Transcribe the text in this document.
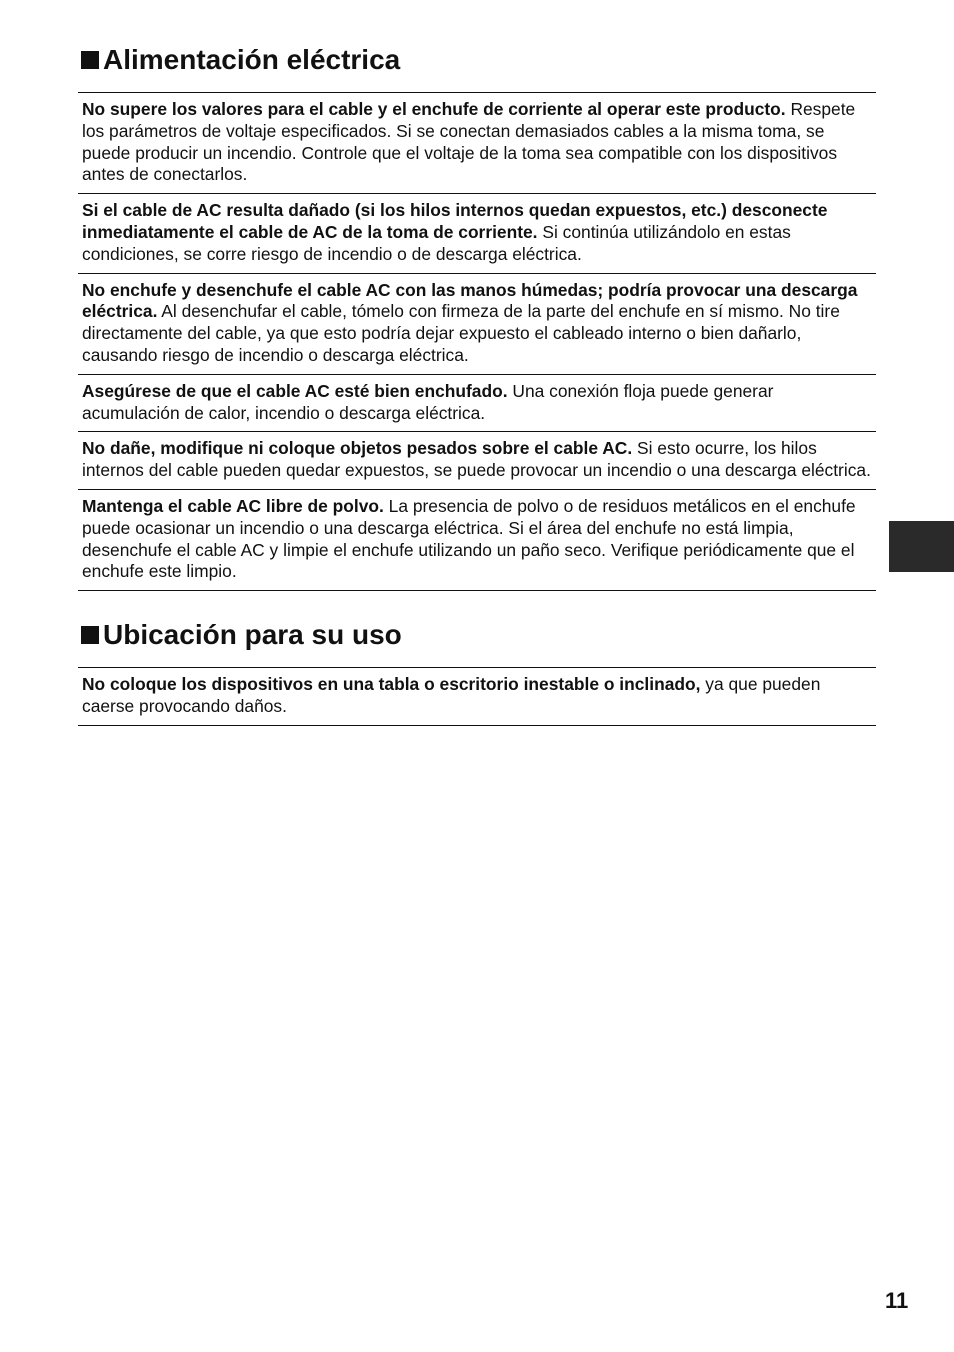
Alimentación eléctrica
No supere los valores para el cable y el enchufe de corriente al operar este producto. Respete los parámetros de voltaje especificados. Si se conectan demasiados cables a la misma toma, se puede producir un incendio. Controle que el voltaje de la toma sea compatible con los dispositivos antes de conectarlos.
Si el cable de AC resulta dañado (si los hilos internos quedan expuestos, etc.) desconecte inmediatamente el cable de AC de la toma de corriente. Si continúa utilizándolo en estas condiciones, se corre riesgo de incendio o de descarga eléctrica.
No enchufe y desenchufe el cable AC con las manos húmedas; podría provocar una descarga eléctrica. Al desenchufar el cable, tómelo con firmeza de la parte del enchufe en sí mismo. No tire directamente del cable, ya que esto podría dejar expuesto el cableado interno o bien dañarlo, causando riesgo de incendio o descarga eléctrica.
Asegúrese de que el cable AC esté bien enchufado. Una conexión floja puede generar acumulación de calor, incendio o descarga eléctrica.
No dañe, modifique ni coloque objetos pesados sobre el cable AC. Si esto ocurre, los hilos internos del cable pueden quedar expuestos, se puede provocar un incendio o una descarga eléctrica.
Mantenga el cable AC libre de polvo. La presencia de polvo o de residuos metálicos en el enchufe puede ocasionar un incendio o una descarga eléctrica. Si el área del enchufe no está limpia, desenchufe el cable AC y limpie el enchufe utilizando un paño seco. Verifique periódicamente que el enchufe este limpio.
Ubicación para su uso
No coloque los dispositivos en una tabla o escritorio inestable o inclinado, ya que pueden caerse provocando daños.
11
